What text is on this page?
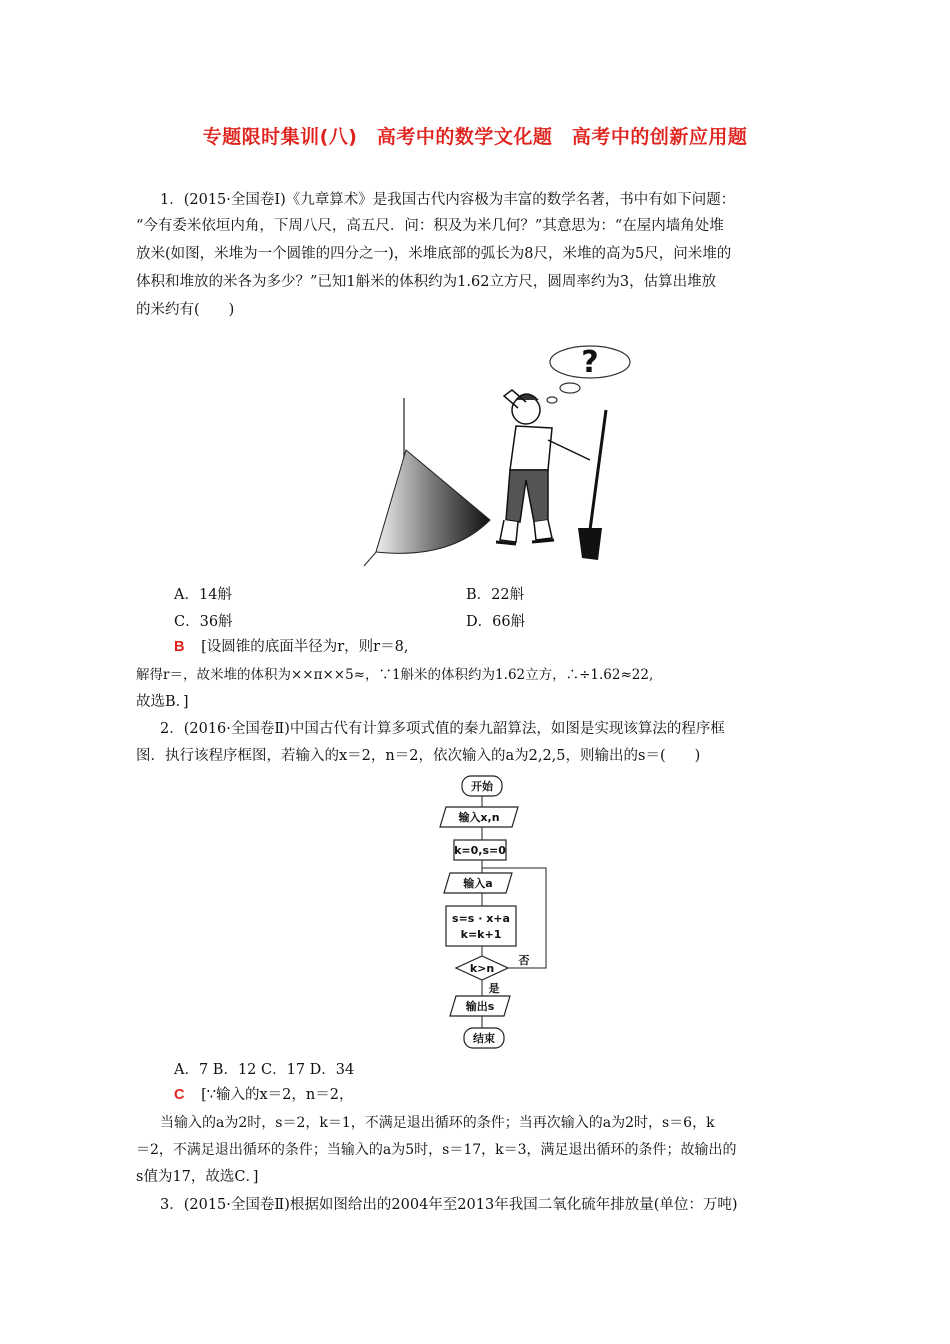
专题限时集训(八)　高考中的数学文化题　高考中的创新应用题
1．(2015·全国卷Ⅰ)《九章算术》是我国古代内容极为丰富的数学名著，书中有如下问题：
“今有委米依垣内角，下周八尺，高五尺．问：积及为米几何？”其意思为：“在屋内墙角处堆
放米(如图，米堆为一个圆锥的四分之一)，米堆底部的弧长为8尺，米堆的高为5尺，问米堆的
体积和堆放的米各为多少？”已知1斛米的体积约为1.62立方尺，圆周率约为3，估算出堆放
的米约有(　　)
?
A．14斛	B．22斛
C．36斛	D．66斛
B [设圆锥的底面半径为r，则r＝8,
解得r＝，故米堆的体积为××π××5≈，∵1斛米的体积约为1.62立方，∴÷1.62≈22,
故选B．]
2．(2016·全国卷Ⅱ)中国古代有计算多项式值的秦九韶算法，如图是实现该算法的程序框
图．执行该程序框图，若输入的x＝2，n＝2，依次输入的a为2,2,5，则输出的s＝(　　)
开始
输入x,n
k=0,s=0
输入a
s=s · x+a
k=k+1
k>n
否
是
输出s
结束
A．7 B．12 C．17 D．34
C [∵输入的x＝2，n＝2，
当输入的a为2时，s＝2，k＝1，不满足退出循环的条件；当再次输入的a为2时，s＝6，k
＝2，不满足退出循环的条件；当输入的a为5时，s＝17，k＝3，满足退出循环的条件；故输出的
s值为17，故选C．]
3．(2015·全国卷Ⅱ)根据如图给出的2004年至2013年我国二氧化硫年排放量(单位：万吨)
